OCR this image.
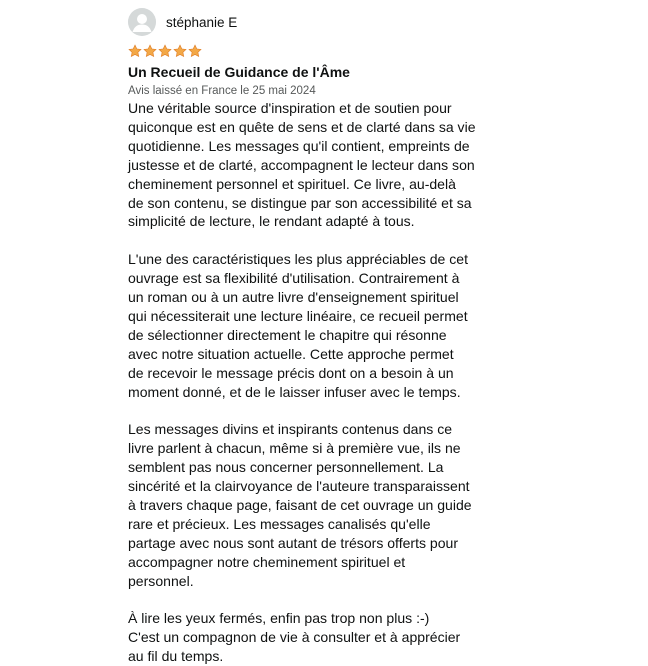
stéphanie E
Un Recueil de Guidance de l'Âme
Avis laissé en France le 25 mai 2024
Une véritable source d'inspiration et de soutien pour
quiconque est en quête de sens et de clarté dans sa vie
quotidienne. Les messages qu'il contient, empreints de
justesse et de clarté, accompagnent le lecteur dans son
cheminement personnel et spirituel. Ce livre, au-delà
de son contenu, se distingue par son accessibilité et sa
simplicité de lecture, le rendant adapté à tous.
L'une des caractéristiques les plus appréciables de cet
ouvrage est sa flexibilité d'utilisation. Contrairement à
un roman ou à un autre livre d'enseignement spirituel
qui nécessiterait une lecture linéaire, ce recueil permet
de sélectionner directement le chapitre qui résonne
avec notre situation actuelle. Cette approche permet
de recevoir le message précis dont on a besoin à un
moment donné, et de le laisser infuser avec le temps.
Les messages divins et inspirants contenus dans ce
livre parlent à chacun, même si à première vue, ils ne
semblent pas nous concerner personnellement. La
sincérité et la clairvoyance de l'auteure transparaissent
à travers chaque page, faisant de cet ouvrage un guide
rare et précieux. Les messages canalisés qu'elle
partage avec nous sont autant de trésors offerts pour
accompagner notre cheminement spirituel et
personnel.
À lire les yeux fermés, enfin pas trop non plus :-)
C'est un compagnon de vie à consulter et à apprécier
au fil du temps.
